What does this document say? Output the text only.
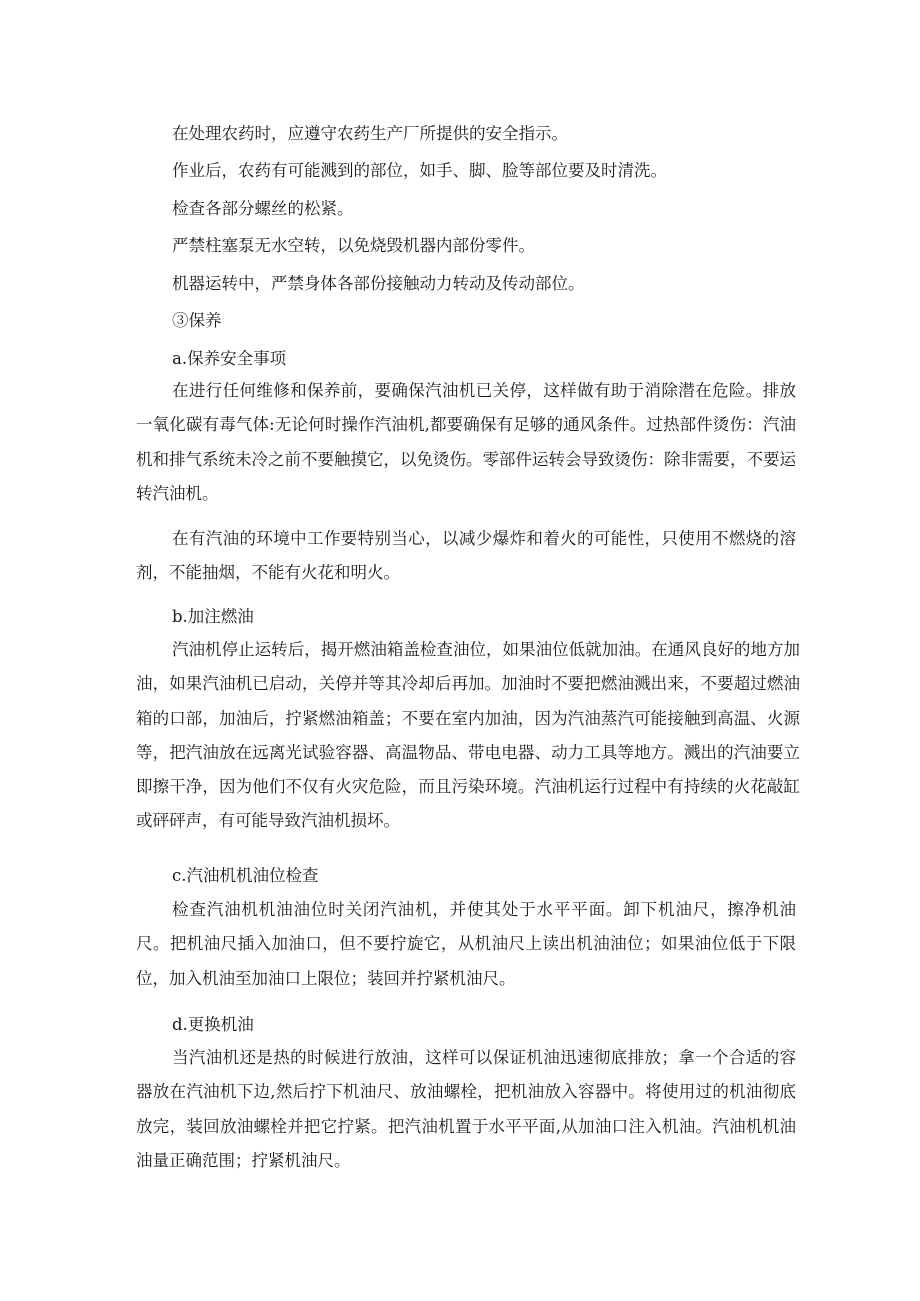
在处理农药时，应遵守农药生产厂所提供的安全指示。
作业后，农药有可能溅到的部位，如手、脚、脸等部位要及时清洗。
检查各部分螺丝的松紧。
严禁柱塞泵无水空转，以免烧毁机器内部份零件。
机器运转中，严禁身体各部份接触动力转动及传动部位。
③保养
a.保养安全事项
在进行任何维修和保养前，要确保汽油机已关停，这样做有助于消除潜在危险。排放一氧化碳有毒气体:无论何时操作汽油机,都要确保有足够的通风条件。过热部件烫伤：汽油机和排气系统未冷之前不要触摸它，以免烫伤。零部件运转会导致烫伤：除非需要，不要运转汽油机。
在有汽油的环境中工作要特别当心，以减少爆炸和着火的可能性，只使用不燃烧的溶剂，不能抽烟，不能有火花和明火。
b.加注燃油
汽油机停止运转后，揭开燃油箱盖检查油位，如果油位低就加油。在通风良好的地方加油，如果汽油机已启动，关停并等其冷却后再加。加油时不要把燃油溅出来，不要超过燃油箱的口部，加油后，拧紧燃油箱盖；不要在室内加油，因为汽油蒸汽可能接触到高温、火源等，把汽油放在远离光试验容器、高温物品、带电电器、动力工具等地方。溅出的汽油要立即擦干净，因为他们不仅有火灾危险，而且污染环境。汽油机运行过程中有持续的火花敲缸或砰砰声，有可能导致汽油机损坏。
c.汽油机机油位检查
检查汽油机机油油位时关闭汽油机，并使其处于水平平面。卸下机油尺，擦净机油尺。把机油尺插入加油口，但不要拧旋它，从机油尺上读出机油油位；如果油位低于下限位，加入机油至加油口上限位；装回并拧紧机油尺。
d.更换机油
当汽油机还是热的时候进行放油，这样可以保证机油迅速彻底排放；拿一个合适的容器放在汽油机下边,然后拧下机油尺、放油螺栓，把机油放入容器中。将使用过的机油彻底放完，装回放油螺栓并把它拧紧。把汽油机置于水平平面,从加油口注入机油。汽油机机油油量正确范围；拧紧机油尺。
